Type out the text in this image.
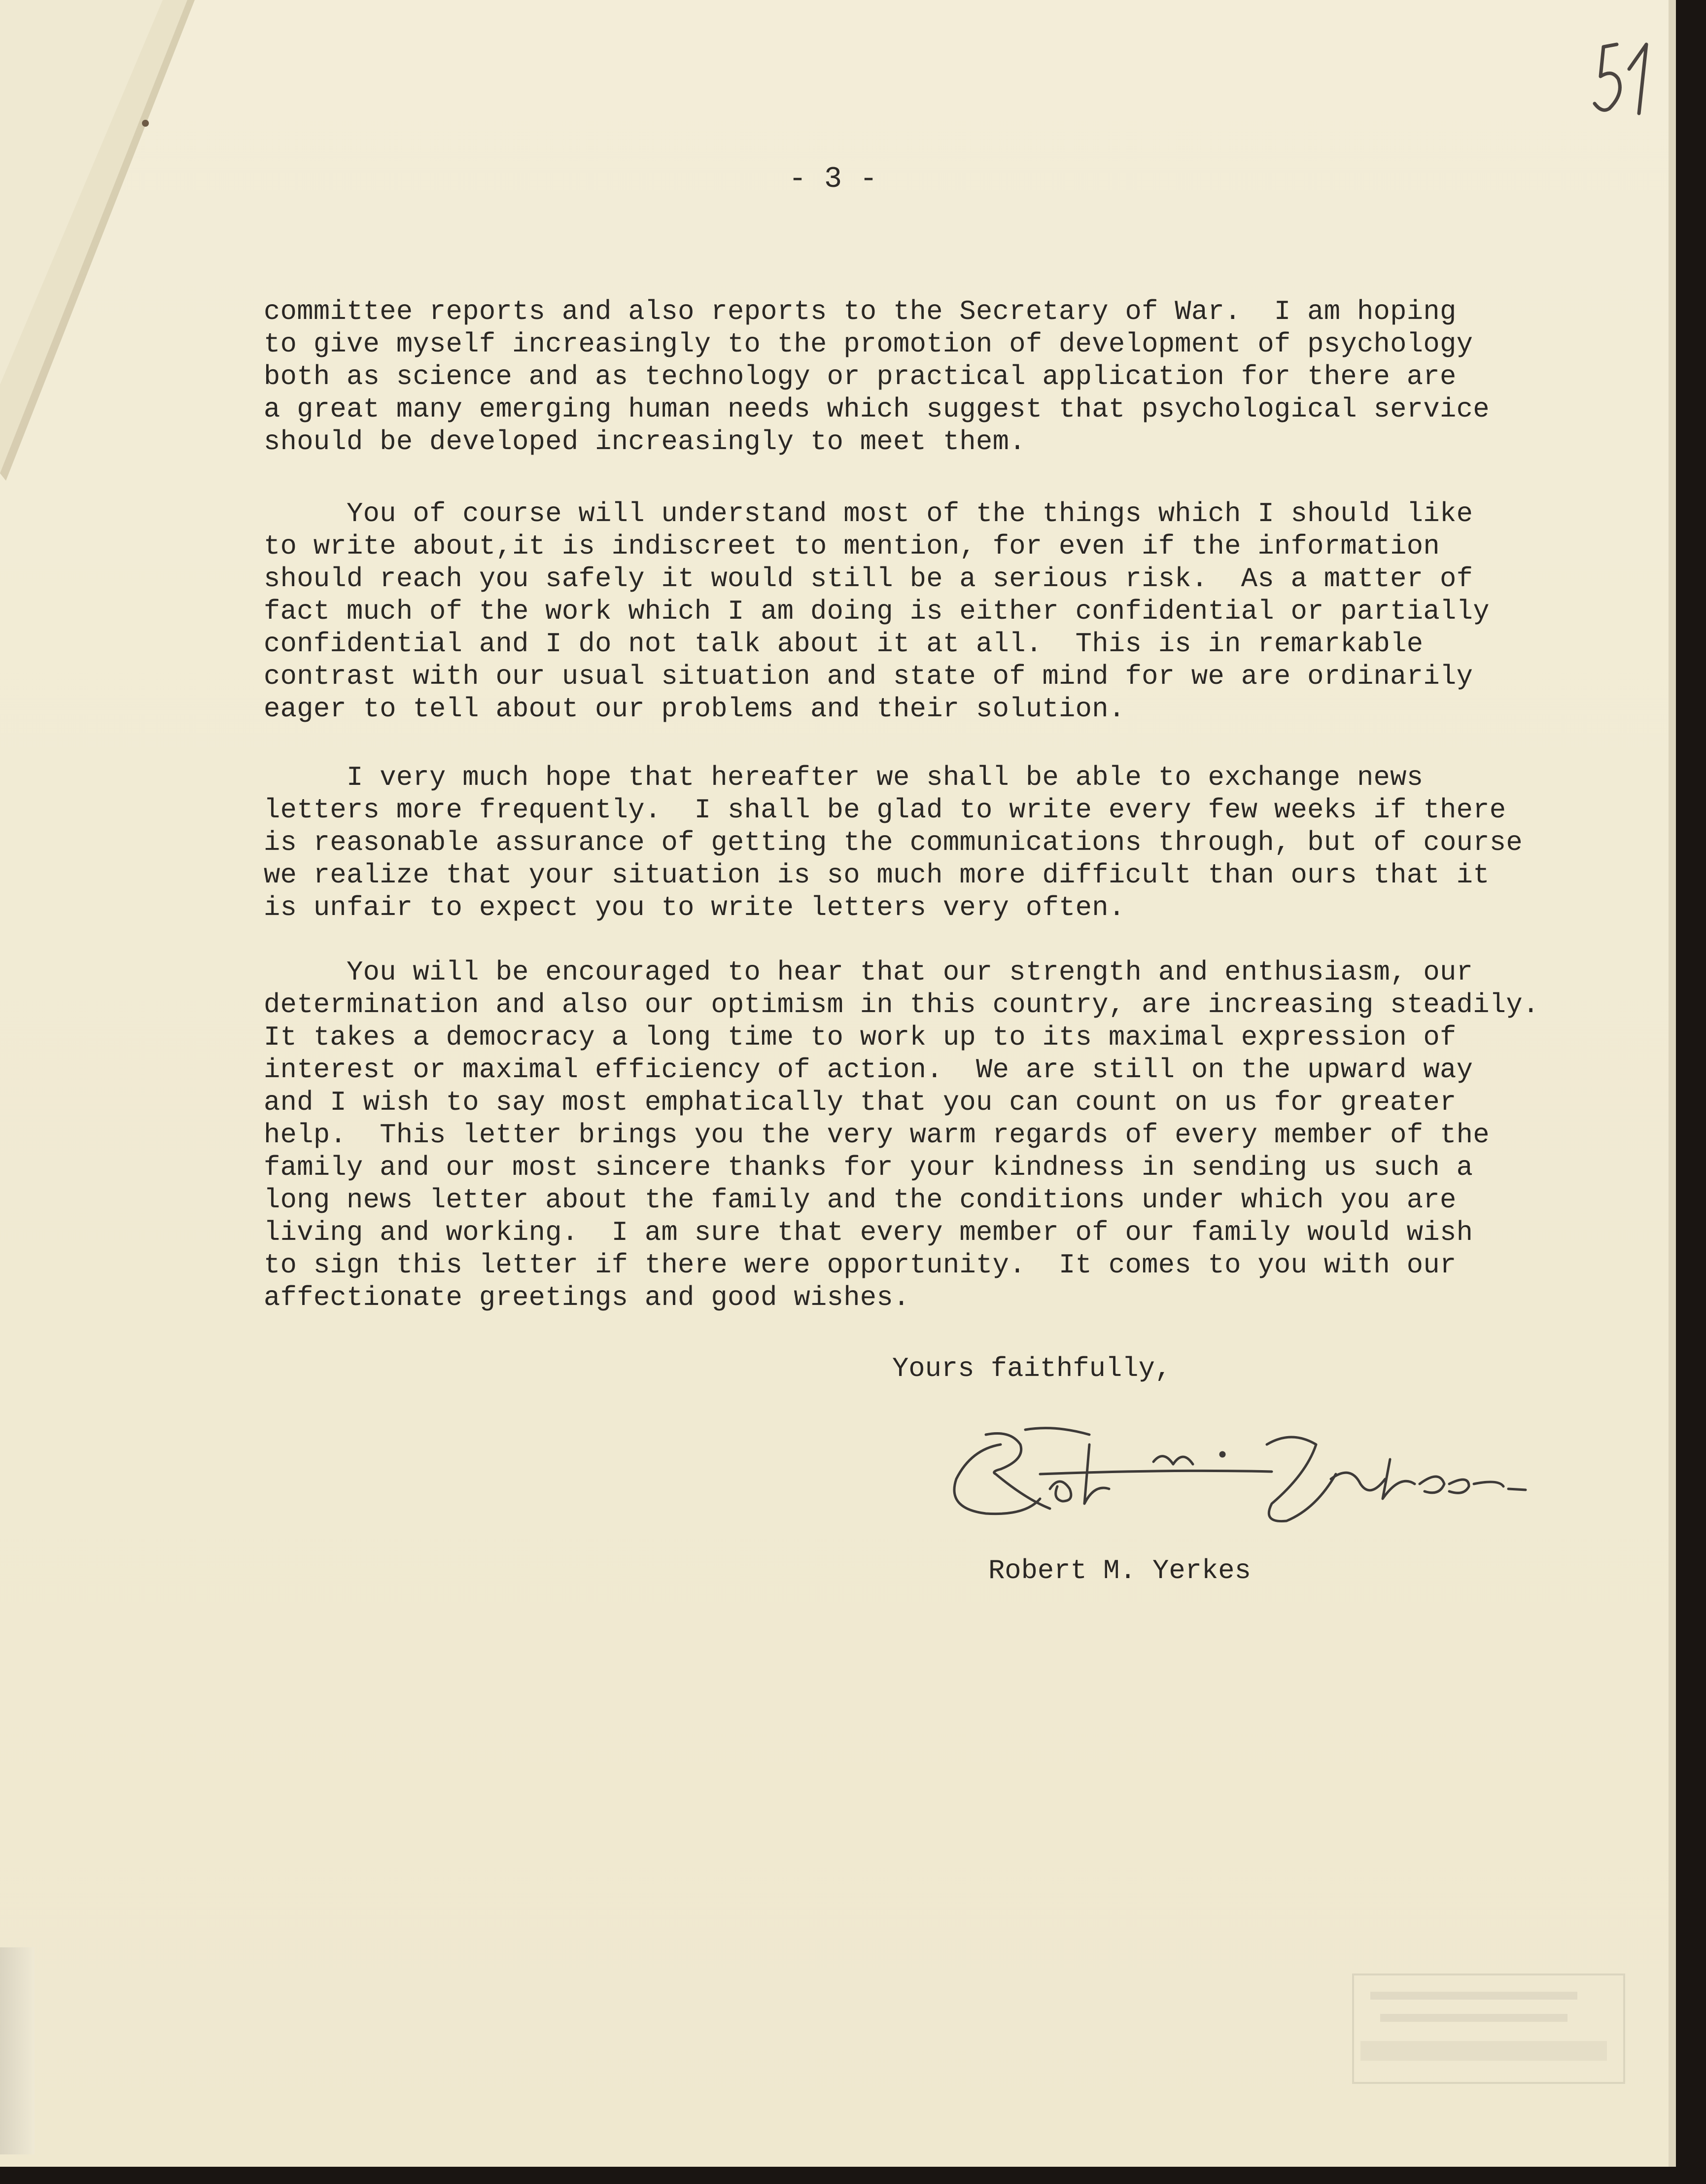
- 3 -

committee reports and also reports to the Secretary of War.  I am hoping
to give myself increasingly to the promotion of development of psychology
both as science and as technology or practical application for there are
a great many emerging human needs which suggest that psychological service
should be developed increasingly to meet them.

You of course will understand most of the things which I should like
to write about,it is indiscreet to mention, for even if the information
should reach you safely it would still be a serious risk.  As a matter of
fact much of the work which I am doing is either confidential or partially
confidential and I do not talk about it at all.  This is in remarkable
contrast with our usual situation and state of mind for we are ordinarily
eager to tell about our problems and their solution.

I very much hope that hereafter we shall be able to exchange news
letters more frequently.  I shall be glad to write every few weeks if there
is reasonable assurance of getting the communications through, but of course
we realize that your situation is so much more difficult than ours that it
is unfair to expect you to write letters very often.

You will be encouraged to hear that our strength and enthusiasm, our
determination and also our optimism in this country, are increasing steadily.
It takes a democracy a long time to work up to its maximal expression of
interest or maximal efficiency of action.  We are still on the upward way
and I wish to say most emphatically that you can count on us for greater
help.  This letter brings you the very warm regards of every member of the
family and our most sincere thanks for your kindness in sending us such a
long news letter about the family and the conditions under which you are
living and working.  I am sure that every member of our family would wish
to sign this letter if there were opportunity.  It comes to you with our
affectionate greetings and good wishes.

Yours faithfully,
Robert M. Yerkes
